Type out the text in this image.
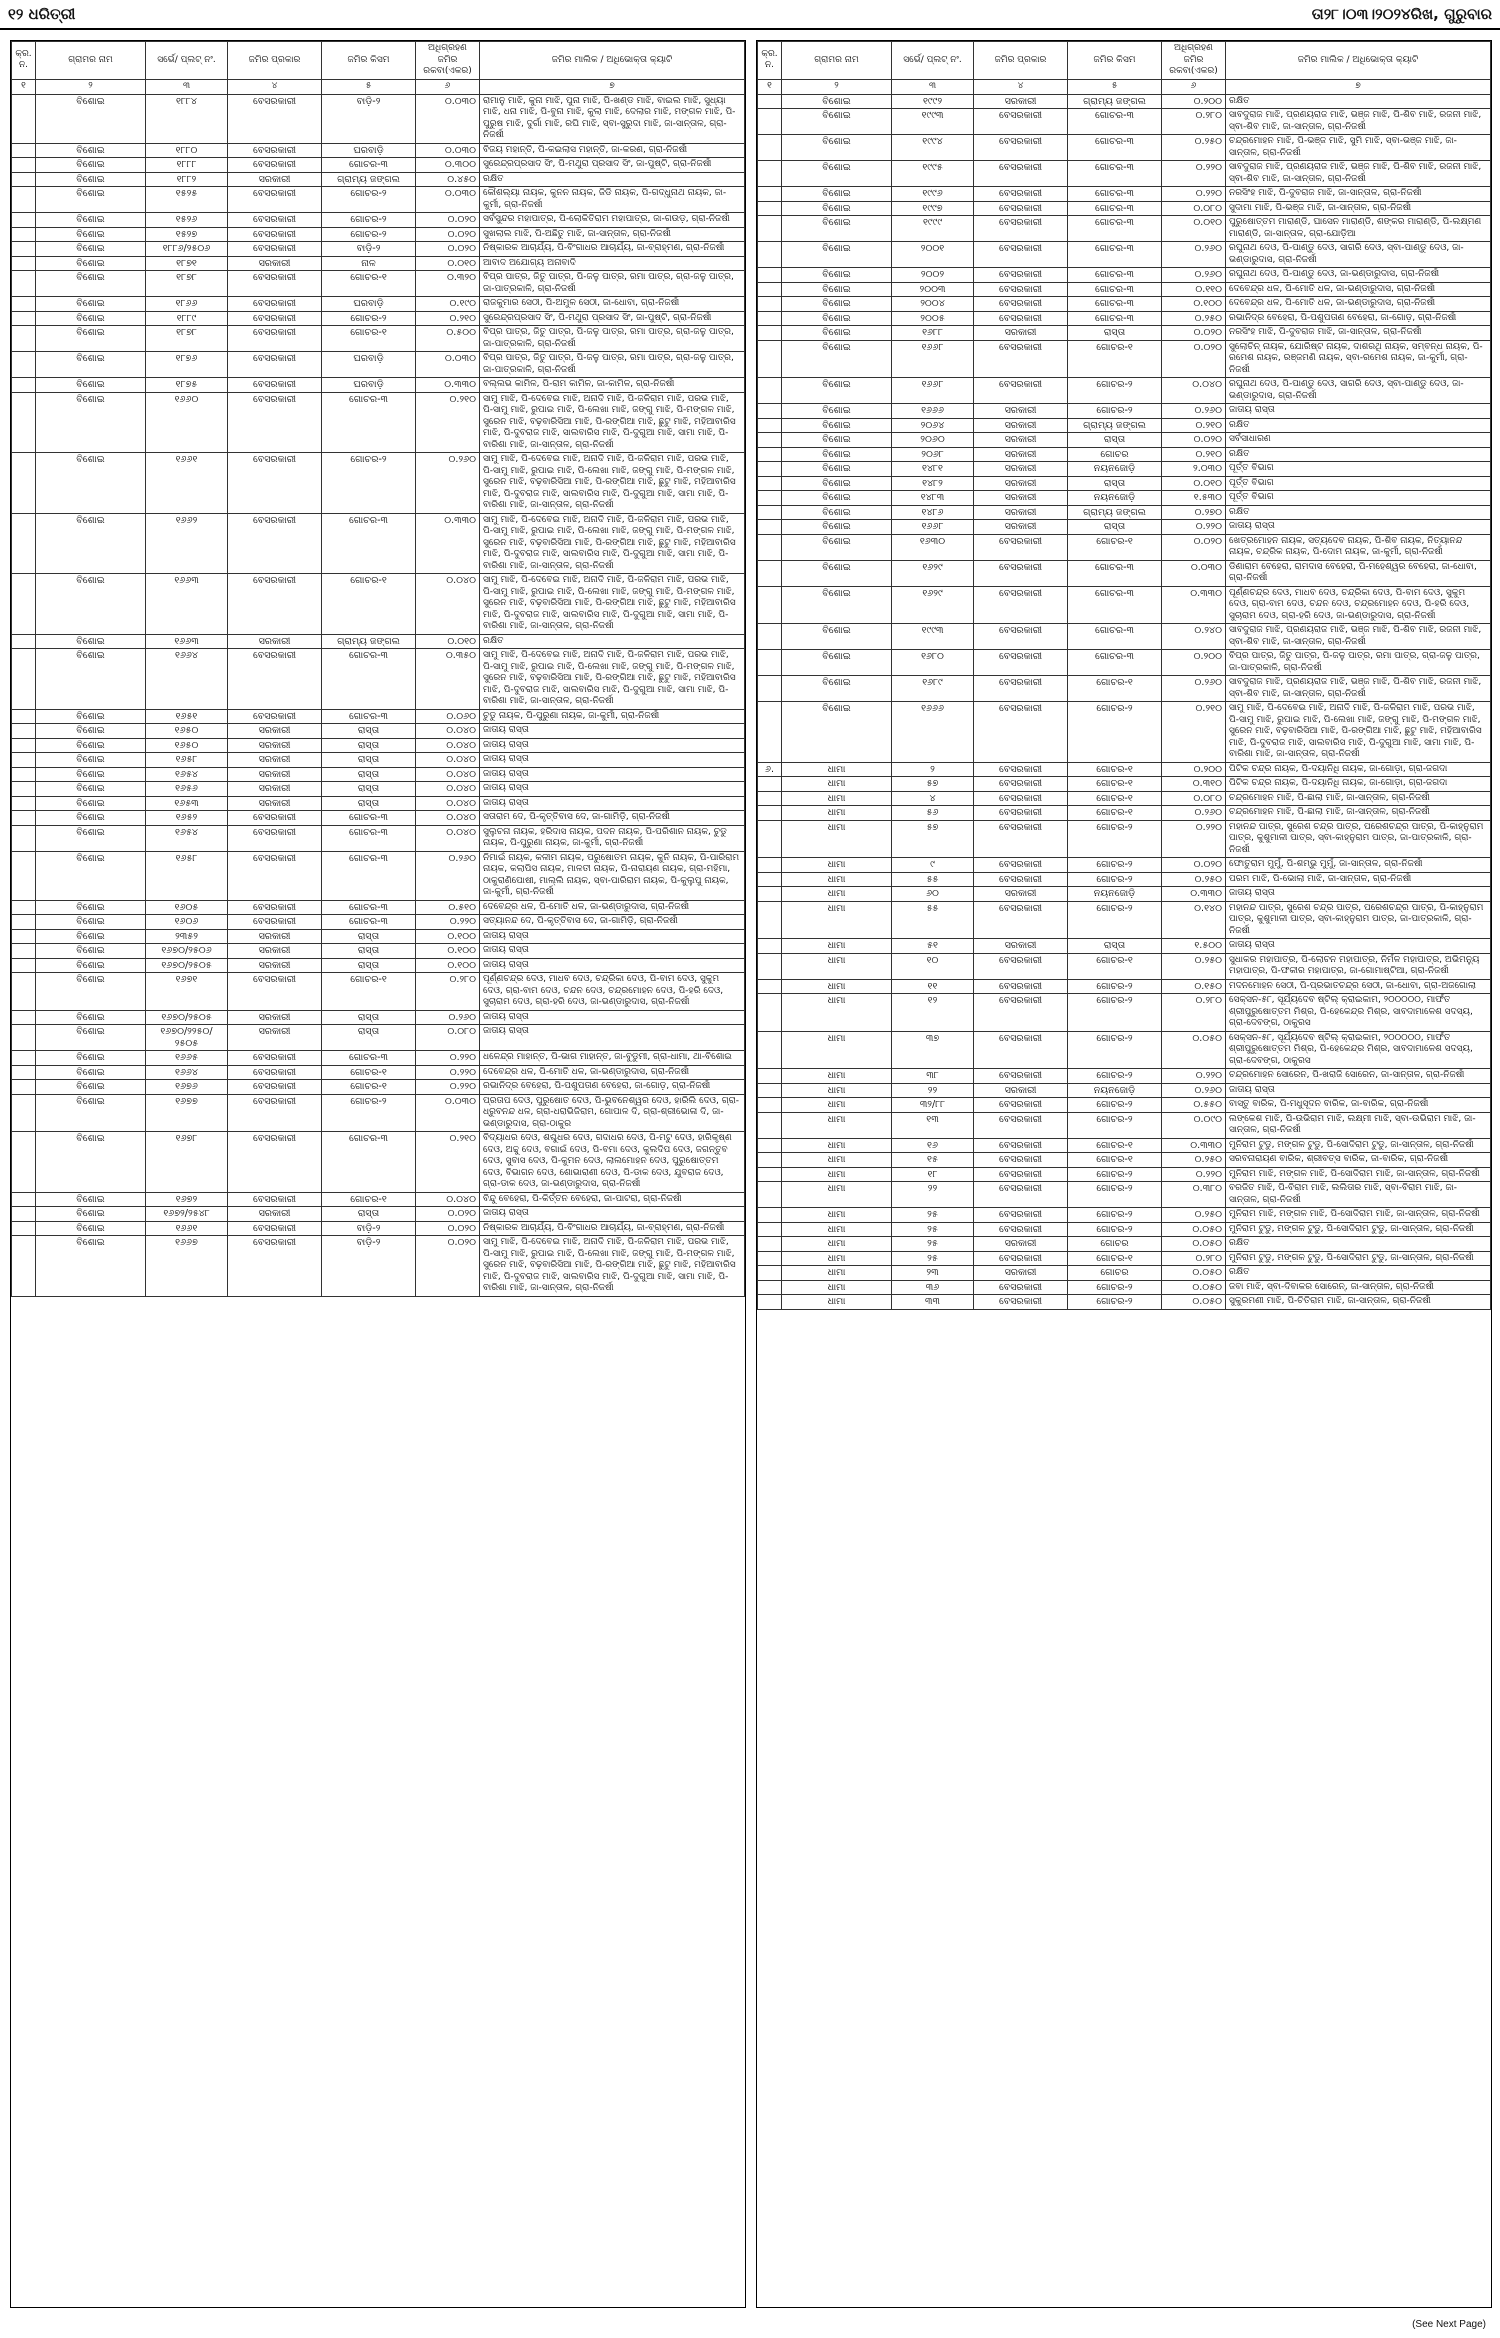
୧୨ ଧରିତ୍ରୀ	ତା୨୮।୦୩।୨୦୨୪ରିଖ, ଗୁରୁବାର
କ୍ର. ନ.	ଗ୍ରାମର ନାମ	ସର୍ଭେ/ ପ୍ଲଟ୍ ନଂ.	ଜମିର ପ୍ରକାର	ଜମିର କିସମ	ଅଧିଗ୍ରହଣ ଜମିର ରକବା(ଏକର)	ଜମିର ମାଲିକ / ଅଧିଭୋକ୍ତା କ୍ୟାଟି
୧	୨	୩	୪	୫	୬	୭
	ବିଶୋଇ	୧୮୮୪	ବେସରକାରୀ	ବାଡ଼ି-୨	୦.୦୩୦	ରାମାନୁ ମାଝି, କୁନା ମାଝି, ପୁନା ମାଝି, ପି-ଖଣ୍ଡ ମାଝି, ବାଇଲ ମାଝି, ସୁଧ୍ୟା ମାଝି, ଧନା ମାଝି, ପି-ବୁନା ମାଝି, କୁଲା ମାଝି, ଦେଲାର ମାଝି, ମଙ୍ଗଳ ମାଝି, ପି-ପୁରୁଷ ମାଝି, ଦୁର୍ଗା ମାଝି, ରଘି ମାଝି, ସ୍ବା-ସୁରୁଦା ମାଝି, ଜା-ସାନ୍ତାଳ, ଗ୍ରା-ନିଜର୍ଷୀ
	ବିଶୋଇ	୧୮୮୦	ବେସରକାରୀ	ଘରବାଡ଼ି	୦.୦୩୦	ବିଜୟ ମହାନ୍ତି, ପି-କଇଲାସ ମହାନ୍ତି, ଜା-କରଣ, ଗ୍ରା-ନିଜର୍ଷୀ
	ବିଶୋଇ	୧୮୮୮	ବେସରକାରୀ	ଗୋଚର-୩	୦.୩୦୦	ସୁରେନ୍ଦ୍ରପ୍ରସାଦ ସିଂ, ପି-ମଥୁରା ପ୍ରସାଦ ସିଂ, ଜା-ପୁଷ୍ଟି, ଗ୍ରା-ନିଜର୍ଷୀ
	ବିଶୋଇ	୧୮୮୨	ସରକାରୀ	ଗ୍ରାମ୍ୟ ଜଙ୍ଗଲ	୦.୪୫୦	ରକ୍ଷିତ
	ବିଶୋଇ	୧୫୨୫	ବେସରକାରୀ	ଗୋଚର-୨	୦.୦୩୦	କୌଶଲ୍ୟା ନାୟକ, କୁନନ ନାୟକ, ଜିଡି ନାୟକ, ପି-ଗଦ୍ଧୁନାଥ ନାୟକ, ଜା-କୁର୍ମୀ, ଗ୍ରା-ନିଜର୍ଷୀ
	ବିଶୋଇ	୧୫୨୬	ବେସରକାରୀ	ଗୋଚର-୨	୦.୦୨୦	ସର୍ବସୁନ୍ଦର ମହାପାତ୍ର, ପି-ଲୋକିତିରାମ ମହାପାତ୍ର, ଜା-ଗଉଡ଼, ଗ୍ରା-ନିଜର୍ଷୀ
	ବିଶୋଇ	୧୫୨୭	ବେସରକାରୀ	ଗୋଚର-୨	୦.୦୨୦	ସୁଖଲାଲ ମାଝି, ପି-ଅଛିତୁ ମାଝି, ଜା-ସାନ୍ତାଳ, ଗ୍ରା-ନିଜର୍ଷୀ
	ବିଶୋଇ	୧୮୮୬/୨୫୦୬	ବେସରକାରୀ	ବାଡ଼ି-୨	୦.୦୨୦	ନିଷ୍କାରକ ଆଚାର୍ଯ୍ୟ, ପି-ବିଂଗାଧର ଆଚାର୍ଯ୍ୟ, ଜା-ବ୍ରାହ୍ମଣ, ଗ୍ରା-ନିଜର୍ଷୀ
	ବିଶୋଇ	୧୮୭୧	ସରକାରୀ	ନାଳ	୦.୦୧୦	ଆବାଦ ଅଯୋଗ୍ୟ ଅନାବାଦି
	ବିଶୋଇ	୧୮୭୮	ବେସରକାରୀ	ଗୋଚର-୧	୦.୩୨୦	ବିପ୍ର ପାତ୍ର, ଜିତୁ ପାତ୍ର, ପି-ଜଳୁ ପାତ୍ର, ରମା ପାତ୍ର, ଗ୍ରା-ଜଳୁ ପାତ୍ର, ଜା-ପାତ୍ରକାଳି, ଗ୍ରା-ନିଜର୍ଷୀ
	ବିଶୋଇ	୧୮୬୬	ବେସରକାରୀ	ଘରବାଡ଼ି	୦.୧୯୦	ରାଜକୁମାର ସେଠୀ, ପି-ଅମୁଳ ସେଠୀ, ଜା-ଧୋବା, ଗ୍ରା-ନିଜର୍ଷୀ
	ବିଶୋଇ	୧୮୮୯	ବେସରକାରୀ	ଗୋଚର-୨	୦.୨୧୦	ସୁରେନ୍ଦ୍ରପ୍ରସାଦ ସିଂ, ପି-ମଥୁରା ପ୍ରସାଦ ସିଂ, ଜା-ପୁଷ୍ଟି, ଗ୍ରା-ନିଜର୍ଷୀ
	ବିଶୋଇ	୧୮୭୮	ବେସରକାରୀ	ଗୋଚର-୧	୦.୫୦୦	ବିପ୍ର ପାତ୍ର, ଜିତୁ ପାତ୍ର, ପି-ଜଳୁ ପାତ୍ର, ରମା ପାତ୍ର, ଗ୍ରା-ଜଳୁ ପାତ୍ର, ଜା-ପାତ୍ରକାଳି, ଗ୍ରା-ନିଜର୍ଷୀ
	ବିଶୋଇ	୧୮୭୬	ବେସରକାରୀ	ଘରବାଡ଼ି	୦.୦୩୦	ବିପ୍ର ପାତ୍ର, ଜିତୁ ପାତ୍ର, ପି-ଜଳୁ ପାତ୍ର, ରମା ପାତ୍ର, ଗ୍ରା-ଜଳୁ ପାତ୍ର, ଜା-ପାତ୍ରକାଳି, ଗ୍ରା-ନିଜର୍ଷୀ
	ବିଶୋଇ	୧୮୭୫	ବେସରକାରୀ	ଘରବାଡ଼ି	୦.୩୩୦	ବଲ୍ଲଭ କାମିଳ, ପି-ରାମ କାମିଳ, ଜା-କାମିଳ, ଗ୍ରା-ନିଜର୍ଷୀ
	ବିଶୋଇ	୧୬୬୦	ବେସରକାରୀ	ଗୋଚର-୩	୦.୨୧୦	ସାମୁ ମାଝି, ପି-ଦେବେଇ ମାଝି, ଅନାଦି ମାଝି, ପି-ଜଳିରାମ ମାଝି, ପରଭ ମାଝି, ପି-ସାମୁ ମାଝି, ରୁପାଇ ମାଝି, ପି-ଲେଖା ମାଝି, ଜଙ୍ଗୁ ମାଝି, ପି-ମଙ୍ଗଳ ମାଝି, ସୁରେନ ମାଝି, ବଢ଼ବାରିସିଆ ମାଝି, ପି-ରଙ୍ଗିଆ ମାଝି, ଛୁଟୁ ମାଝି, ମହିଆବାରିସ ମାଝି, ପି-ଦୁବରାଜ ମାଝି, ସାଲବାରିସ ମାଝି, ପି-ଦୁଗୁଆ ମାଝି, ସାମା ମାଝି, ପି-ବାରିଶା ମାଝି, ଜା-ସାନ୍ତାଳ, ଗ୍ରା-ନିଜର୍ଷୀ
	ବିଶୋଇ	୧୬୬୧	ବେସରକାରୀ	ଗୋଚର-୨	୦.୨୬୦	ସାମୁ ମାଝି, ପି-ଦେବେଇ ମାଝି, ଅନାଦି ମାଝି, ପି-ଜଳିରାମ ମାଝି, ପରଭ ମାଝି, ପି-ସାମୁ ମାଝି, ରୁପାଇ ମାଝି, ପି-ଲେଖା ମାଝି, ଜଙ୍ଗୁ ମାଝି, ପି-ମଙ୍ଗଳ ମାଝି, ସୁରେନ ମାଝି, ବଢ଼ବାରିସିଆ ମାଝି, ପି-ରଙ୍ଗିଆ ମାଝି, ଛୁଟୁ ମାଝି, ମହିଆବାରିସ ମାଝି, ପି-ଦୁବରାଜ ମାଝି, ସାଲବାରିସ ମାଝି, ପି-ଦୁଗୁଆ ମାଝି, ସାମା ମାଝି, ପି-ବାରିଶା ମାଝି, ଜା-ସାନ୍ତାଳ, ଗ୍ରା-ନିଜର୍ଷୀ
	ବିଶୋଇ	୧୬୬୨	ବେସରକାରୀ	ଗୋଚର-୩	୦.୩୩୦	ସାମୁ ମାଝି, ପି-ଦେବେଇ ମାଝି, ଅନାଦି ମାଝି, ପି-ଜଳିରାମ ମାଝି, ପରଭ ମାଝି, ପି-ସାମୁ ମାଝି, ରୁପାଇ ମାଝି, ପି-ଲେଖା ମାଝି, ଜଙ୍ଗୁ ମାଝି, ପି-ମଙ୍ଗଳ ମାଝି, ସୁରେନ ମାଝି, ବଢ଼ବାରିସିଆ ମାଝି, ପି-ରଙ୍ଗିଆ ମାଝି, ଛୁଟୁ ମାଝି, ମହିଆବାରିସ ମାଝି, ପି-ଦୁବରାଜ ମାଝି, ସାଲବାରିସ ମାଝି, ପି-ଦୁଗୁଆ ମାଝି, ସାମା ମାଝି, ପି-ବାରିଶା ମାଝି, ଜା-ସାନ୍ତାଳ, ଗ୍ରା-ନିଜର୍ଷୀ
	ବିଶୋଇ	୧୬୬୩	ବେସରକାରୀ	ଗୋଚର-୧	୦.୦୪୦	ସାମୁ ମାଝି, ପି-ଦେବେଇ ମାଝି, ଅନାଦି ମାଝି, ପି-ଜଳିରାମ ମାଝି, ପରଭ ମାଝି, ପି-ସାମୁ ମାଝି, ରୁପାଇ ମାଝି, ପି-ଲେଖା ମାଝି, ଜଙ୍ଗୁ ମାଝି, ପି-ମଙ୍ଗଳ ମାଝି, ସୁରେନ ମାଝି, ବଢ଼ବାରିସିଆ ମାଝି, ପି-ରଙ୍ଗିଆ ମାଝି, ଛୁଟୁ ମାଝି, ମହିଆବାରିସ ମାଝି, ପି-ଦୁବରାଜ ମାଝି, ସାଲବାରିସ ମାଝି, ପି-ଦୁଗୁଆ ମାଝି, ସାମା ମାଝି, ପି-ବାରିଶା ମାଝି, ଜା-ସାନ୍ତାଳ, ଗ୍ରା-ନିଜର୍ଷୀ
	ବିଶୋଇ	୧୬୬୩	ସରକାରୀ	ଗ୍ରାମ୍ୟ ଜଙ୍ଗଲ	୦.୦୧୦	ରକ୍ଷିତ
	ବିଶୋଇ	୧୬୬୪	ବେସରକାରୀ	ଗୋଚର-୩	୦.୩୫୦	ସାମୁ ମାଝି, ପି-ଦେବେଇ ମାଝି, ଅନାଦି ମାଝି, ପି-ଜଳିରାମ ମାଝି, ପରଭ ମାଝି, ପି-ସାମୁ ମାଝି, ରୁପାଇ ମାଝି, ପି-ଲେଖା ମାଝି, ଜଙ୍ଗୁ ମାଝି, ପି-ମଙ୍ଗଳ ମାଝି, ସୁରେନ ମାଝି, ବଢ଼ବାରିସିଆ ମାଝି, ପି-ରଙ୍ଗିଆ ମାଝି, ଛୁଟୁ ମାଝି, ମହିଆବାରିସ ମାଝି, ପି-ଦୁବରାଜ ମାଝି, ସାଲବାରିସ ମାଝି, ପି-ଦୁଗୁଆ ମାଝି, ସାମା ମାଝି, ପି-ବାରିଶା ମାଝି, ଜା-ସାନ୍ତାଳ, ଗ୍ରା-ନିଜର୍ଷୀ
	ବିଶୋଇ	୧୬୫୧	ବେସରକାରୀ	ଗୋଚର-୩	୦.୦୬୦	ଚୁଡୁ ନାୟକ, ପି-ପୁରୁଣା ନାୟକ, ଜା-କୁର୍ମୀ, ଗ୍ରା-ନିଜର୍ଷୀ
	ବିଶୋଇ	୧୬୫୦	ସରକାରୀ	ରାସ୍ତା	୦.୦୪୦	ଜାତାୟ ରାସ୍ତା
	ବିଶୋଇ	୧୬୫୦	ସରକାରୀ	ରାସ୍ତା	୦.୦୪୦	ଜାତାୟ ରାସ୍ତା
	ବିଶୋଇ	୧୬୫୮	ସରକାରୀ	ରାସ୍ତା	୦.୦୪୦	ଜାତାୟ ରାସ୍ତା
	ବିଶୋଇ	୧୬୫୪	ସରକାରୀ	ରାସ୍ତା	୦.୦୪୦	ଜାତାୟ ରାସ୍ତା
	ବିଶୋଇ	୧୬୫୬	ସରକାରୀ	ରାସ୍ତା	୦.୦୪୦	ଜାତାୟ ରାସ୍ତା
	ବିଶୋଇ	୧୬୫୩	ସରକାରୀ	ରାସ୍ତା	୦.୦୪୦	ଜାତାୟ ରାସ୍ତା
	ବିଶୋଇ	୧୬୫୨	ବେସରକାରୀ	ଗୋଚର-୩	୦.୦୪୦	ସତାରାମ ଦେ, ପି-କୃତ୍ତିବାସ ଦେ, ଜା-ଗାମିଡ଼ି, ଗ୍ରା-ନିଜର୍ଷୀ
	ବିଶୋଇ	୧୬୫୪	ବେସରକାରୀ	ଗୋଚର-୩	୦.୦୪୦	ସୁଲୁଚନା ନାୟକ, ହରିଦାସ ନାୟକ, ପଦନ ନାୟକ, ପି-ପରିଶାନ ନାୟକ, ଚୁଡୁ ନାୟକ, ପି-ପୁରୁଣା ନାୟକ, ଜା-କୁର୍ମୀ, ଗ୍ରା-ନିଜର୍ଷୀ
	ବିଶୋଇ	୧୬୫୮	ବେସରକାରୀ	ଗୋଚର-୩	୦.୨୬୦	ନିମାଇଁ ନାୟକ, କଳୀମ ନାୟକ, ପରୁଷୋତମ ନାୟକ, କୁନି ନାୟକ, ପି-ପାରିରାମ ନାୟକ, କଲାପିସ ନାୟକ, ମାଳତୀ ନାୟକ, ପି-ନାରାୟଣ ନାୟକ, ଗ୍ରା-ମହିମା, ଠାକୁରାଣିପୋଷୀ, ମାଲ୍ଲି ନାୟକ, ସ୍ବା-ପାରିରାମ ନାୟକ, ପି-କୁଲୁପୁ ନାୟକ, ଜା-କୁର୍ମୀ, ଗ୍ରା-ନିଜର୍ଷୀ
	ବିଶୋଇ	୧୬୦୫	ବେସରକାରୀ	ଗୋଚର-୩	୦.୫୧୦	ଦେବେନ୍ଦ୍ର ଧଳ, ପି-ମୋତି ଧଳ, ଜା-ଭଣ୍ଡାରୁଦାସ, ଗ୍ରା-ନିଜର୍ଷୀ
	ବିଶୋଇ	୧୬୦୬	ବେସରକାରୀ	ଗୋଚର-୩	୦.୨୨୦	ସତ୍ୟାନନ୍ଦ ଦେ, ପି-କୃତ୍ତିବାସ ଦେ, ଜା-ଗାମିଡ଼ି, ଗ୍ରା-ନିଜର୍ଷୀ
	ବିଶୋଇ	୨୩୫୨	ସରକାରୀ	ରାସ୍ତା	୦.୧୦୦	ଜାତାୟ ରାସ୍ତା
	ବିଶୋଇ	୧୬୭୦/୨୫୦୬	ସରକାରୀ	ରାସ୍ତା	୦.୧୦୦	ଜାତାୟ ରାସ୍ତା
	ବିଶୋଇ	୧୬୭୦/୨୫୦୫	ସରକାରୀ	ରାସ୍ତା	୦.୧୦୦	ଜାତାୟ ରାସ୍ତା
	ବିଶୋଇ	୧୬୭୧	ବେସରକାରୀ	ଗୋଚର-୧	୦.୨୮୦	ପୂର୍ଣ୍ଣଚନ୍ଦ୍ର ଦେଓ, ମାଧବ ଦେଓ, ଚନ୍ଦ୍ରିକା ଦେଓ, ପି-ବାମ ଦେଓ, ସୁକୁମ ଦେଓ, ଗ୍ରା-ବାମ ଦେଓ, ଚନ୍ଦନ ଦେଓ, ଚନ୍ଦ୍ରମୋହନ ଦେଓ, ପି-ହରି ଦେଓ, ସୁଚାରାମ ଦେଓ, ଗ୍ରା-ହରି ଦେଓ, ଜା-ଭଣ୍ଡାରୁଦାସ, ଗ୍ରା-ନିଜର୍ଷୀ
	ବିଶୋଇ	୧୬୭୦/୨୫୦୫	ସରକାରୀ	ରାସ୍ତା	୦.୨୬୦	ଜାତାୟ ରାସ୍ତା
	ବିଶୋଇ	୧୬୭୦/୨୨୫୦/ ୨୫୦୫	ସରକାରୀ	ରାସ୍ତା	୦.୦୮୦	ଜାତାୟ ରାସ୍ତା
	ବିଶୋଇ	୧୬୬୫	ବେସରକାରୀ	ଗୋଚର-୩	୦.୨୨୦	ଧଳେନ୍ଦ୍ର ମାହାନ୍ତ, ପି-ଭାଗ ମାହାନ୍ତ, ଜା-ବୁଡୁମୀ, ଗ୍ରା-ଧାମା, ଥା-ବିଶୋଇ
	ବିଶୋଇ	୧୬୬୪	ବେସରକାରୀ	ଗୋଚର-୧	୦.୨୨୦	ଦେବେନ୍ଦ୍ର ଧଳ, ପି-ମୋତି ଧଳ, ଜା-ଭଣ୍ଡାରୁଦାସ, ଗ୍ରା-ନିଜର୍ଷୀ
	ବିଶୋଇ	୧୬୭୬	ବେସରକାରୀ	ଗୋଚର-୧	୦.୨୨୦	ରଭାନିଦ୍ର ବେହେରା, ପି-ପଶୁପତାଣ ବେହେରା, ଜା-ଗୋଡ଼, ଗ୍ରା-ନିଜର୍ଷୀ
	ବିଶୋଇ	୧୬୭୭	ବେସରକାରୀ	ଗୋଚର-୨	୦.୦୩୦	ପ୍ରତାପ ଦେଓ, ପୁରୁଷୋତ ଦେଓ, ପି-ଭୁବନେଶ୍ୱର ଦେଓ, ହାରିଲି ଦେଓ, ଗ୍ରା-ଧ୍ରୁବନନ୍ଦ ଧଳ, ଗ୍ରା-ଧରାଭିଜିରାମ, ଗୋପାଳ ଦି, ଗ୍ରା-ଶ୍ରୀଭୋଳା ଦି, ଜା-ଭଣ୍ଡାରୁଦାସ, ଗ୍ରା-ଠାକୁର
	ବିଶୋଇ	୧୬୭୮	ବେସରକାରୀ	ଗୋଚର-୩	୦.୨୧୦	ବିଦ୍ୟାଧର ଦେଓ, ଶଶ୍ଚୁଧର ଦେଓ, ଗଦାଧର ଦେଓ, ପି-ମଟୁ ଦେଓ, ହାରିକୃଷ୍ଣ ଦେଓ, ଅଚ୍ଚୁ ଦେଓ, ବଗାଇଁ ଦେଓ, ପି-ବମା ଦେଓ, କୁଲଦିପ ଦେଓ, ଜଗନ୍ତୁବ ଦେଓ, ସୁବାସ ଦେଓ, ପି-କୁମନ ଦେଓ, ଲାଲମୋହନ ଦେଓ, ପୁରୁଷୋତ୍ତମ ଦେଓ, ବିଭାଗନ ଦେଓ, ଶୋଭାରାଣୀ ଦେଓ, ପି-ଡାକ ଦେଓ, ଯୁବରାଜ ଦେଓ, ଗ୍ରା-ଡାକ ଦେଓ, ଜା-ଭଣ୍ଡାରୁଦାସ, ଗ୍ରା-ନିଜର୍ଷୀ
	ବିଶୋଇ	୧୬୭୨	ବେସରକାରୀ	ଗୋଚର-୧	୦.୦୪୦	ବିନ୍ଦୁ ବେହେରା, ପି-କିର୍ତ୍ତନ ବେହେରା, ଜା-ପାଟରା, ଗ୍ରା-ନିଜର୍ଷୀ
	ବିଶୋଇ	୧୬୭୨/୨୫୪୮	ସରକାରୀ	ରାସ୍ତା	୦.୦୨୦	ଜାତାୟ ରାସ୍ତା
	ବିଶୋଇ	୧୬୬୧	ବେସରକାରୀ	ବାଡ଼ି-୨	୦.୦୨୦	ନିଷ୍କାରକ ଆଚାର୍ଯ୍ୟ, ପି-ବିଂଗାଧର ଆଚାର୍ଯ୍ୟ, ଜା-ବ୍ରାହ୍ମଣ, ଗ୍ରା-ନିଜର୍ଷୀ
	ବିଶୋଇ	୧୬୬୭	ବେସରକାରୀ	ବାଡ଼ି-୨	୦.୦୨୦	ସାମୁ ମାଝି, ପି-ଦେବେଇ ମାଝି, ଅନାଦି ମାଝି, ପି-ଜଳିରାମ ମାଝି, ପରଭ ମାଝି, ପି-ସାମୁ ମାଝି, ରୁପାଇ ମାଝି, ପି-ଲେଖା ମାଝି, ଜଙ୍ଗୁ ମାଝି, ପି-ମଙ୍ଗଳ ମାଝି, ସୁରେନ ମାଝି, ବଢ଼ବାରିସିଆ ମାଝି, ପି-ରଙ୍ଗିଆ ମାଝି, ଛୁଟୁ ମାଝି, ମହିଆବାରିସ ମାଝି, ପି-ଦୁବରାଜ ମାଝି, ସାଲବାରିସ ମାଝି, ପି-ଦୁଗୁଆ ମାଝି, ସାମା ମାଝି, ପି-ବାରିଶା ମାଝି, ଜା-ସାନ୍ତାଳ, ଗ୍ରା-ନିଜର୍ଷୀ
କ୍ର. ନ.	ଗ୍ରାମର ନାମ	ସର୍ଭେ/ ପ୍ଲଟ୍ ନଂ.	ଜମିର ପ୍ରକାର	ଜମିର କିସମ	ଅଧିଗ୍ରହଣ ଜମିର ରକବା(ଏକର)	ଜମିର ମାଲିକ / ଅଧିଭୋକ୍ତା କ୍ୟାଟି
୧	୨	୩	୪	୫	୬	୭
	ବିଶୋଇ	୧୯୯୨	ସରକାରୀ	ଗ୍ରାମ୍ୟ ଜଙ୍ଗଲ	୦.୨୦୦	ରକ୍ଷିତ
	ବିଶୋଇ	୧୯୯୩	ବେସରକାରୀ	ଗୋଚର-୩	୦.୨୮୦	ସାବଦୁରାଜ ମାଝି, ପ୍ରଣୟରାଜ ମାଝି, ଭଞ୍ଜ ମାଝି, ପି-ଶିବ ମାଝି, ରଜନୀ ମାଝି, ସ୍ବା-ଶିବ ମାଝି, ଜା-ସାନ୍ତାଳ, ଗ୍ରା-ନିଜର୍ଷୀ
	ବିଶୋଇ	୧୯୯୪	ବେସରକାରୀ	ଗୋଚର-୩	୦.୨୫୦	ଚନ୍ଦ୍ରମୋହନ ମାଝି, ପି-ଭଞ୍ଜ ମାଝି, ସୁମି ମାଝି, ସ୍ବା-ଭଞ୍ଜ ମାଝି, ଜା-ସାନ୍ତାଳ, ଗ୍ରା-ନିଜର୍ଷୀ
	ବିଶୋଇ	୧୯୯୫	ବେସରକାରୀ	ଗୋଚର-୩	୦.୨୨୦	ସାବଦୁରାଜ ମାଝି, ପ୍ରଣୟରାଜ ମାଝି, ଭଞ୍ଜ ମାଝି, ପି-ଶିବ ମାଝି, ରଜନୀ ମାଝି, ସ୍ବା-ଶିବ ମାଝି, ଜା-ସାନ୍ତାଳ, ଗ୍ରା-ନିଜର୍ଷୀ
	ବିଶୋଇ	୧୯୯୬	ବେସରକାରୀ	ଗୋଚର-୩	୦.୨୨୦	ନରସିଂହ ମାଝି, ପି-ଦୁବରାଜ ମାଝି, ଜା-ସାନ୍ତାଳ, ଗ୍ରା-ନିଜର୍ଷୀ
	ବିଶୋଇ	୧୯୯୭	ବେସରକାରୀ	ଗୋଚର-୩	୦.୦୮୦	ସୁଦାମା ମାଝି, ପି-ଭଞ୍ଜ ମାଝି, ଜା-ସାନ୍ତାଳ, ଗ୍ରା-ନିଜର୍ଷୀ
	ବିଶୋଇ	୧୯୯୯	ବେସରକାରୀ	ଗୋଚର-୩	୦.୦୧୦	ପୁରୁଷୋତ୍ତମ ମାରାଣ୍ଡି, ଘାସେନ ମାରାଣ୍ଡି, ଶଙ୍କର ମାରାଣ୍ଡି, ପି-ଲକ୍ଷ୍ମଣ ମାରାଣ୍ଡି, ଜା-ସାନ୍ତାଳ, ଗ୍ରା-ଯୋଡ଼ିଆ
	ବିଶୋଇ	୨୦୦୧	ବେସରକାରୀ	ଗୋଚର-୩	୦.୨୬୦	ରଘୁନାଥ ଦେଓ, ପି-ପାଣ୍ଡୁ ଦେଓ, ସାଗରି ଦେଓ, ସ୍ବା-ପାଣ୍ଡୁ ଦେଓ, ଜା-ଭଣ୍ଡାରୁଦାସ, ଗ୍ରା-ନିଜର୍ଷୀ
	ବିଶୋଇ	୨୦୦୨	ବେସରକାରୀ	ଗୋଚର-୩	୦.୨୬୦	ରଘୁନାଥ ଦେଓ, ପି-ପାଣ୍ଡୁ ଦେଓ, ଜା-ଭଣ୍ଡାରୁଦାସ, ଗ୍ରା-ନିଜର୍ଷୀ
	ବିଶୋଇ	୨୦୦୩	ବେସରକାରୀ	ଗୋଚର-୩	୦.୧୧୦	ଦେବେନ୍ଦ୍ର ଧଳ, ପି-ମୋତି ଧଳ, ଜା-ଭଣ୍ଡାରୁଦାସ, ଗ୍ରା-ନିଜର୍ଷୀ
	ବିଶୋଇ	୨୦୦୪	ବେସରକାରୀ	ଗୋଚର-୩	୦.୧୦୦	ଦେବେନ୍ଦ୍ର ଧଳ, ପି-ମୋତି ଧଳ, ଜା-ଭଣ୍ଡାରୁଦାସ, ଗ୍ରା-ନିଜର୍ଷୀ
	ବିଶୋଇ	୨୦୦୫	ବେସରକାରୀ	ଗୋଚର-୩	୦.୨୫୦	ରଭାନିଦ୍ର ବେହେରା, ପି-ପଶୁପତାଣ ବେହେରା, ଜା-ଗୋଡ଼, ଗ୍ରା-ନିଜର୍ଷୀ
	ବିଶୋଇ	୧୬୮୮	ସରକାରୀ	ରାସ୍ତା	୦.୦୨୦	ନରସିଂହ ମାଝି, ପି-ଦୁବରାଜ ମାଝି, ଜା-ସାନ୍ତାଳ, ଗ୍ରା-ନିଜର୍ଷୀ
	ବିଶୋଇ	୧୬୬୮	ବେସରକାରୀ	ଗୋଚର-୧	୦.୦୨୦	ସୁଲୋଚିନ୍ ନାୟକ, ଯୋରିଷ୍ଟ ନାୟକ, ଦାଶରଥି ନାୟକ, ସମ୍ବନ୍ଧ ନାୟକ, ପି-ରମେଶ ନାୟକ, ରଞ୍ଜମଣି ନାୟକ, ସ୍ବା-ରମେଶ ନାୟକ, ଜା-କୁର୍ମୀ, ଗ୍ରା-ନିଜର୍ଷୀ
	ବିଶୋଇ	୧୬୬୮	ବେସରକାରୀ	ଗୋଚର-୨	୦.୦୪୦	ରଘୁନାଥ ଦେଓ, ପି-ପାଣ୍ଡୁ ଦେଓ, ସାଗରି ଦେଓ, ସ୍ବା-ପାଣ୍ଡୁ ଦେଓ, ଜା-ଭଣ୍ଡାରୁଦାସ, ଗ୍ରା-ନିଜର୍ଷୀ
	ବିଶୋଇ	୧୬୬୬	ସରକାରୀ	ଗୋଚର-୨	୦.୨୬୦	ଜାତାୟ ରାସ୍ତା
	ବିଶୋଇ	୨୦୬୪	ସରକାରୀ	ଗ୍ରାମ୍ୟ ଜଙ୍ଗଲ	୦.୨୧୦	ରକ୍ଷିତ
	ବିଶୋଇ	୨୦୬୦	ସରକାରୀ	ରାସ୍ତା	୦.୦୨୦	ସର୍ବସାଧାରଣ
	ବିଶୋଇ	୨୦୬୮	ସରକାରୀ	ଗୋଚର	୦.୨୧୦	ରକ୍ଷିତ
	ବିଶୋଇ	୧୪୮୧	ସରକାରୀ	ନୟନଜୋଡ଼ି	୨.୦୩୦	ପୂର୍ତ୍ତ ବିଭାଗ
	ବିଶୋଇ	୧୪୮୨	ସରକାରୀ	ରାସ୍ତା	୦.୦୧୦	ପୂର୍ତ୍ତ ବିଭାଗ
	ବିଶୋଇ	୧୪୮୩	ସରକାରୀ	ନୟନଜୋଡ଼ି	୧.୫୩୦	ପୂର୍ତ୍ତ ବିଭାଗ
	ବିଶୋଇ	୧୪୮୬	ସରକାରୀ	ଗ୍ରାମ୍ୟ ଜଙ୍ଗଲ	୦.୨୭୦	ରକ୍ଷିତ
	ବିଶୋଇ	୧୬୬୮	ସରକାରୀ	ରାସ୍ତା	୦.୨୨୦	ଜାତାୟ ରାସ୍ତା
	ବିଶୋଇ	୧୬୩୦	ବେସରକାରୀ	ଗୋଚର-୧	୦.୦୨୦	ଖେତ୍ରମୋହନ ନାୟକ, ସତ୍ୟଦେବ ନାୟକ, ପି-ଶିବ ନାୟକ, ନିତ୍ୟାନନ୍ଦ ନାୟକ, ଚନ୍ଦ୍ରିକ ନାୟକ, ପି-ଦୋମ ନାୟକ, ଜା-କୁର୍ମୀ, ଗ୍ରା-ନିଜର୍ଷୀ
	ବିଶୋଇ	୧୬୨୯	ବେସରକାରୀ	ଗୋଚର-୩	୦.୦୩୦	ଡିଣାରାମ ବେହେରା, ରାମଦାସ ବେହେରା, ପି-ମହେଶ୍ୱର ବେହେରା, ଜା-ଧୋବା, ଗ୍ରା-ନିଜର୍ଷୀ
	ବିଶୋଇ	୧୬୨୯	ବେସରକାରୀ	ଗୋଚର-୩	୦.୩୩୦	ପୂର୍ଣ୍ଣଚନ୍ଦ୍ର ଦେଓ, ମାଧବ ଦେଓ, ଚନ୍ଦ୍ରିକା ଦେଓ, ପି-ବାମ ଦେଓ, ସୁକୁମ ଦେଓ, ଗ୍ରା-ବାମ ଦେଓ, ଚନ୍ଦନ ଦେଓ, ଚନ୍ଦ୍ରମୋହନ ଦେଓ, ପି-ହରି ଦେଓ, ସୁଚାରାମ ଦେଓ, ଗ୍ରା-ହରି ଦେଓ, ଜା-ଭଣ୍ଡାରୁଦାସ, ଗ୍ରା-ନିଜର୍ଷୀ
	ବିଶୋଇ	୧୯୯୩	ବେସରକାରୀ	ଗୋଚର-୩	୦.୨୪୦	ସାବଦୁରାଜ ମାଝି, ପ୍ରଣୟରାଜ ମାଝି, ଭଞ୍ଜ ମାଝି, ପି-ଶିବ ମାଝି, ରଜନୀ ମାଝି, ସ୍ବା-ଶିବ ମାଝି, ଜା-ସାନ୍ତାଳ, ଗ୍ରା-ନିଜର୍ଷୀ
	ବିଶୋଇ	୧୬୮୦	ବେସରକାରୀ	ଗୋଚର-୩	୦.୨୦୦	ବିପ୍ର ପାତ୍ର, ଜିତୁ ପାତ୍ର, ପି-ଜଳୁ ପାତ୍ର, ରମା ପାତ୍ର, ଗ୍ରା-ଜଳୁ ପାତ୍ର, ଜା-ପାତ୍ରକାଳି, ଗ୍ରା-ନିଜର୍ଷୀ
	ବିଶୋଇ	୧୬୮୯	ବେସରକାରୀ	ଗୋଚର-୧	୦.୨୬୦	ସାବଦୁରାଜ ମାଝି, ପ୍ରଣୟରାଜ ମାଝି, ଭଞ୍ଜ ମାଝି, ପି-ଶିବ ମାଝି, ରଜନୀ ମାଝି, ସ୍ବା-ଶିବ ମାଝି, ଜା-ସାନ୍ତାଳ, ଗ୍ରା-ନିଜର୍ଷୀ
	ବିଶୋଇ	୧୬୬୬	ବେସରକାରୀ	ଗୋଚର-୨	୦.୨୧୦	ସାମୁ ମାଝି, ପି-ଦେବେଇ ମାଝି, ଅନାଦି ମାଝି, ପି-ଜଳିରାମ ମାଝି, ପରଭ ମାଝି, ପି-ସାମୁ ମାଝି, ରୁପାଇ ମାଝି, ପି-ଲେଖା ମାଝି, ଜଙ୍ଗୁ ମାଝି, ପି-ମଙ୍ଗଳ ମାଝି, ସୁରେନ ମାଝି, ବଢ଼ବାରିସିଆ ମାଝି, ପି-ରଙ୍ଗିଆ ମାଝି, ଛୁଟୁ ମାଝି, ମହିଆବାରିସ ମାଝି, ପି-ଦୁବରାଜ ମାଝି, ସାଲବାରିସ ମାଝି, ପି-ଦୁଗୁଆ ମାଝି, ସାମା ମାଝି, ପି-ବାରିଶା ମାଝି, ଜା-ସାନ୍ତାଳ, ଗ୍ରା-ନିଜର୍ଷୀ
୬.	ଧାମା	୨	ବେସରକାରୀ	ଗୋଚର-୧	୦.୨୦୦	ପିଟିକ ଚନ୍ଦ୍ର ନାୟକ, ପି-ଦୟାନିଧି ନାୟକ, ଜା-ଗୋଡ଼ା, ଗ୍ରା-ଜଗଦା
	ଧାମା	୫୭	ବେସରକାରୀ	ଗୋଚର-୧	୦.୩୧୦	ପିଟିକ ଚନ୍ଦ୍ର ନାୟକ, ପି-ଦୟାନିଧି ନାୟକ, ଜା-ଗୋଡ଼ା, ଗ୍ରା-ଜଗଦା
	ଧାମା	୪	ବେସରକାରୀ	ଗୋଚର-୧	୦.୦୮୦	ଚନ୍ଦ୍ରମୋହନ ମାଝି, ପି-ଛାଲା ମାଝି, ଜା-ସାନ୍ତାଳ, ଗ୍ରା-ନିଜର୍ଷୀ
	ଧାମା	୫୬	ବେସରକାରୀ	ଗୋଚର-୧	୦.୨୬୦	ଚନ୍ଦ୍ରମୋହନ ମାଝି, ପି-ଛାଲା ମାଝି, ଜା-ସାନ୍ତାଳ, ଗ୍ରା-ନିଜର୍ଷୀ
	ଧାମା	୫୭	ବେସରକାରୀ	ଗୋଚର-୨	୦.୨୨୦	ମହାନନ୍ଦ ପାତ୍ର, ସୁରେଶ ଚନ୍ଦ୍ର ପାତ୍ର, ପରେଶଚନ୍ଦ୍ର ପାତ୍ର, ପି-କାହ୍ନୁରାମ ପାତ୍ର, କୁଶୁମାଳୀ ପାତ୍ର, ସ୍ବା-କାହ୍ନୁରାମ ପାତ୍ର, ଜା-ପାତ୍ରକାଳି, ଗ୍ରା-ନିଜର୍ଷୀ
	ଧାମା	୯	ବେସରକାରୀ	ଗୋଚର-୨	୦.୦୨୦	ଫୋତୁରାମ ମୁର୍ମୁ, ପି-ଶମ୍ଭୁ ମୁର୍ମୁ, ଜା-ସାନ୍ତାଳ, ଗ୍ରା-ନିଜର୍ଷୀ
	ଧାମା	୫୫	ବେସରକାରୀ	ଗୋଚର-୨	୦.୨୫୦	ପରମ ମାଝି, ପି-ଭୋଲା ମାଝି, ଜା-ସାନ୍ତାଳ, ଗ୍ରା-ନିଜର୍ଷୀ
	ଧାମା	୬୦	ସରକାରୀ	ନୟନଜୋଡ଼ି	୦.୩୩୦	ଜାତାୟ ରାସ୍ତା
	ଧାମା	୫୫	ବେସରକାରୀ	ଗୋଚର-୨	୦.୧୪୦	ମହାନନ୍ଦ ପାତ୍ର, ସୁରେଶ ଚନ୍ଦ୍ର ପାତ୍ର, ପରେଶଚନ୍ଦ୍ର ପାତ୍ର, ପି-କାହ୍ନୁରାମ ପାତ୍ର, କୁଶୁମାଳୀ ପାତ୍ର, ସ୍ବା-କାହ୍ନୁରାମ ପାତ୍ର, ଜା-ପାତ୍ରକାଳି, ଗ୍ରା-ନିଜର୍ଷୀ
	ଧାମା	୫୧	ସରକାରୀ	ରାସ୍ତା	୧.୫୦୦	ଜାତାୟ ରାସ୍ତା
	ଧାମା	୧୦	ବେସରକାରୀ	ଗୋଚର-୧	୦.୨୫୦	ସୁଧାକର ମହାପାତ୍ର, ପି-ଲୋଚନ ମହାପାତ୍ର, ନିର୍ମଳ ମହାପାତ୍ର, ଅଭିମନ୍ୟୁ ମହାପାତ୍ର, ପି-ଫକୀର ମହାପାତ୍ର, ଜା-ଗୋମାଷ୍ଟିଆ, ଗ୍ରା-ନିଜର୍ଷୀ
	ଧାମା	୧୧	ବେସରକାରୀ	ଗୋଚର-୨	୦.୧୫୦	ମଦନମୋହନ ସେଠୀ, ପି-ପ୍ରଭାତଚନ୍ଦ୍ର ସେଠୀ, ଜା-ଧୋବା, ଗ୍ରା-ଅଜଗୋଲା
	ଧାମା	୧୨	ବେସରକାରୀ	ଗୋଚର-୨	୦.୨୮୦	ସେକ୍ସନ-୫୮, ସୂର୍ଯ୍ୟଦେବ ଷ୍ଟିଲ୍ କ୍ରାଇକାମ, ୨୦୦୦୦୦, ମାର୍ଫତ ଶ୍ରୀପୁରୁଷୋତ୍ତମ ମିଶ୍ର, ପି-ହେକେନ୍ଦ୍ର ମିଶ୍ର, ସାବଦାମାଳେଶ ସଦସ୍ୟ, ଗ୍ରା-ଦେବଙ୍ଗ, ଠାକୁରସ
	ଧାମା	୩୭	ବେସରକାରୀ	ଗୋଚର-୨	୦.୦୫୦	ସେକ୍ସନ-୫୮, ସୂର୍ଯ୍ୟଦେବ ଷ୍ଟିଲ୍ କ୍ରାଇକାମ, ୨୦୦୦୦୦, ମାର୍ଫତ ଶ୍ରୀପୁରୁଷୋତ୍ତମ ମିଶ୍ର, ପି-ହେକେନ୍ଦ୍ର ମିଶ୍ର, ସାବଦାମାଳେଶ ସଦସ୍ୟ, ଗ୍ରା-ଦେବଙ୍ଗ, ଠାକୁରସ
	ଧାମା	୩୮	ବେସରକାରୀ	ଗୋଚର-୨	୦.୨୨୦	ଚନ୍ଦ୍ରମୋହନ ସୋରେନ, ପି-ଖରାଜି ସୋରେନ, ଜା-ସାନ୍ତାଳ, ଗ୍ରା-ନିଜର୍ଷୀ
	ଧାମା	୨୨	ସରକାରୀ	ନୟନଜୋଡ଼ି	୦.୨୬୦	ଜାତାୟ ରାସ୍ତା
	ଧାମା	୩୨/୮୮	ବେସରକାରୀ	ଗୋଚର-୨	୦.୫୫୦	ବାସ୍ତୁ ବାରିକ, ପି-ମଧୁସୂଦନ ବାରିକ, ଜା-ବାରିକ, ଗ୍ରା-ନିଜର୍ଷୀ
	ଧାମା	୧୩	ବେସରକାରୀ	ଗୋଚର-୨	୦.୦୯୦	ଲଙ୍କେଶ ମାଝି, ପି-ଉଭିରାମ ମାଝି, ଲକ୍ଷ୍ମୀ ମାଝି, ସ୍ବା-ଉଭିରାମ ମାଝି, ଜା-ସାନ୍ତାଳ, ଗ୍ରା-ନିଜର୍ଷୀ
	ଧାମା	୧୬	ବେସରକାରୀ	ଗୋଚର-୧	୦.୩୩୦	ମୁନିରାମ ଟୁଡୁ, ମଙ୍ଗଳ ଟୁଡୁ, ପି-ସୋଦିରାମ ଟୁଡୁ, ଜା-ସାନ୍ତାଳ, ଗ୍ରା-ନିଜର୍ଷୀ
	ଧାମା	୧୫	ବେସରକାରୀ	ଗୋଚର-୧	୦.୨୫୦	ସରବନାରାୟଣ ବାରିକ, ଶ୍ରୀବତ୍ସ ବାରିକ, ଜା-ବାରିକ, ଗ୍ରା-ନିଜର୍ଷୀ
	ଧାମା	୧୮	ବେସରକାରୀ	ଗୋଚର-୨	୦.୨୨୦	ମୁନିରାମ ମାଝି, ମଙ୍ଗଳ ମାଝି, ପି-ସୋଦିରାମ ମାଝି, ଜା-ସାନ୍ତାଳ, ଗ୍ରା-ନିଜର୍ଷୀ
	ଧାମା	୨୨	ବେସରକାରୀ	ଗୋଚର-୨	୦.୩୮୦	ବରଜିତ ମାଝି, ପି-ବିରାମ ମାଝି, ଲଲିତାର ମାଝି, ସ୍ବା-ବିରାମ ମାଝି, ଜା-ସାନ୍ତାଳ, ଗ୍ରା-ନିଜର୍ଷୀ
	ଧାମା	୨୫	ବେସରକାରୀ	ଗୋଚର-୨	୦.୨୫୦	ମୁନିରାମ ମାଝି, ମଙ୍ଗଳ ମାଝି, ପି-ସୋଦିରାମ ମାଝି, ଜା-ସାନ୍ତାଳ, ଗ୍ରା-ନିଜର୍ଷୀ
	ଧାମା	୨୫	ବେସରକାରୀ	ଗୋଚର-୨	୦.୦୫୦	ମୁନିରାମ ଟୁଡୁ, ମଙ୍ଗଳ ଟୁଡୁ, ପି-ସୋଦିରାମ ଟୁଡୁ, ଜା-ସାନ୍ତାଳ, ଗ୍ରା-ନିଜର୍ଷୀ
	ଧାମା	୨୫	ସରକାରୀ	ଗୋଚର	୦.୦୫୦	ରକ୍ଷିତ
	ଧାମା	୨୫	ବେସରକାରୀ	ଗୋଚର-୧	୦.୨୮୦	ମୁନିରାମ ଟୁଡୁ, ମଙ୍ଗଳ ଟୁଡୁ, ପି-ସୋଦିରାମ ଟୁଡୁ, ଜା-ସାନ୍ତାଳ, ଗ୍ରା-ନିଜର୍ଷୀ
	ଧାମା	୨୩	ସରକାରୀ	ଗୋଚର	୦.୦୫୦	ରକ୍ଷିତ
	ଧାମା	୩୬	ବେସରକାରୀ	ଗୋଚର-୨	୦.୦୫୦	ଜବା ମାଝି, ସ୍ବା-ଦିବାକର ସୋରେନ୍, ଜା-ସାନ୍ତାଳ, ଗ୍ରା-ନିଜର୍ଷୀ
	ଧାମା	୩୩	ବେସରକାରୀ	ଗୋଚର-୨	୦.୦୫୦	ସୁକୁରମଣୀ ମାଝି, ପି-ଚିତିରାମ ମାଝି, ଜା-ସାନ୍ତାଳ, ଗ୍ରା-ନିଜର୍ଷୀ
(See Next Page)
